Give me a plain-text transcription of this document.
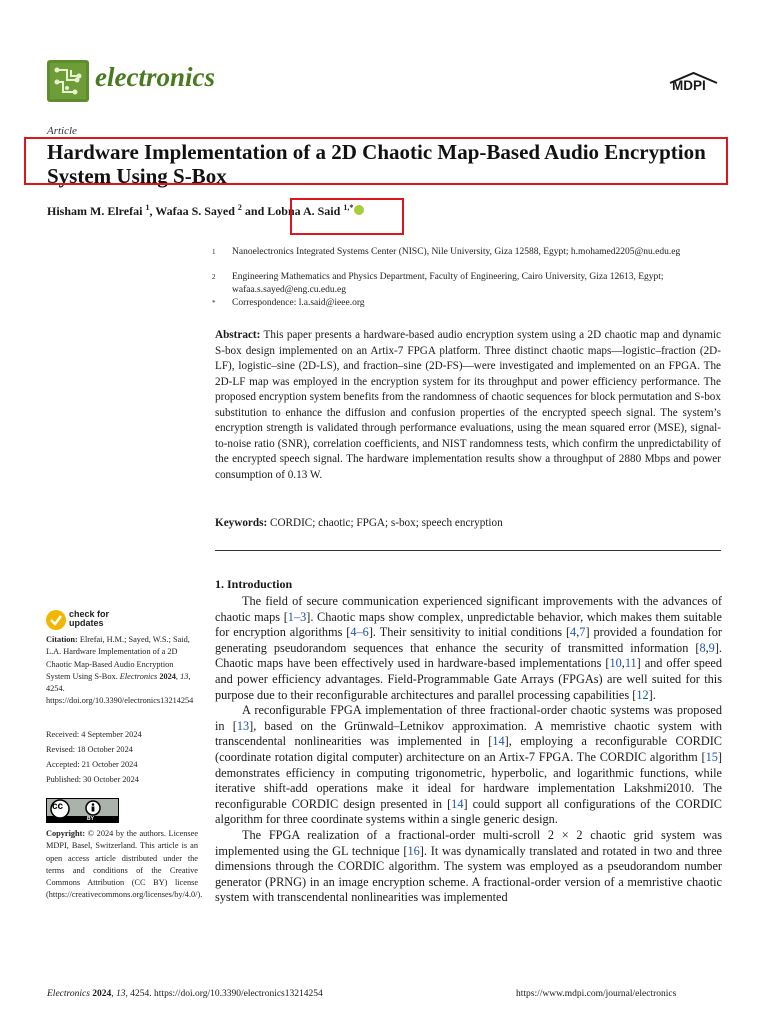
electronics	MDPI
Article
Hardware Implementation of a 2D Chaotic Map-Based Audio Encryption System Using S-Box
Hisham M. Elrefai $^1$, Wafaa S. Sayed $^2$ and Lobna A. Said $^{1,*}$
1 Nanoelectronics Integrated Systems Center (NISC), Nile University, Giza 12588, Egypt; h.mohamed2205@nu.edu.eg
2 Engineering Mathematics and Physics Department, Faculty of Engineering, Cairo University, Giza 12613, Egypt; wafaa.s.sayed@eng.cu.edu.eg
* Correspondence: l.a.said@ieee.org
Abstract: This paper presents a hardware-based audio encryption system using a 2D chaotic map and dynamic S-box design implemented on an Artix-7 FPGA platform. Three distinct chaotic maps—logistic–fraction (2D-LF), logistic–sine (2D-LS), and fraction–sine (2D-FS)—were investigated and implemented on an FPGA. The 2D-LF map was employed in the encryption system for its throughput and power efficiency performance. The proposed encryption system benefits from the randomness of chaotic sequences for block permutation and S-box substitution to enhance the diffusion and confusion properties of the encrypted speech signal. The system’s encryption strength is validated through performance evaluations, using the mean squared error (MSE), signal-to-noise ratio (SNR), correlation coefficients, and NIST randomness tests, which confirm the unpredictability of the encrypted speech signal. The hardware implementation results show a throughput of 2880 Mbps and power consumption of 0.13 W.
Keywords: CORDIC; chaotic; FPGA; s-box; speech encryption
1. Introduction

The field of secure communication experienced significant improvements with the advances of chaotic maps [1–3]. Chaotic maps show complex, unpredictable behavior, which makes them suitable for encryption algorithms [4–6]. Their sensitivity to initial conditions [4,7] provided a foundation for generating pseudorandom sequences that enhance the security of transmitted information [8,9]. Chaotic maps have been effectively used in hardware-based implementations [10,11] and offer speed and power efficiency advantages. Field-Programmable Gate Arrays (FPGAs) are well suited for this purpose due to their reconfigurable architectures and parallel processing capabilities [12].

A reconfigurable FPGA implementation of three fractional-order chaotic systems was proposed in [13], based on the Grünwald–Letnikov approximation. A memristive chaotic system with transcendental nonlinearities was implemented in [14], employing a reconfigurable CORDIC (coordinate rotation digital computer) architecture on an Artix-7 FPGA. The CORDIC algorithm [15] demonstrates efficiency in computing trigonometric, hyperbolic, and logarithmic functions, while iterative shift-add operations make it ideal for hardware implementation Lakshmi2010. The reconfigurable CORDIC design presented in [14] could support all configurations of the CORDIC algorithm for three coordinate systems within a single generic design.

The FPGA realization of a fractional-order multi-scroll 2 × 2 chaotic grid system was implemented using the GL technique [16]. It was dynamically translated and rotated in two and three dimensions through the CORDIC algorithm. The system was employed as a pseudorandom number generator (PRNG) in an image encryption scheme. A fractional-order version of a memristive chaotic system with transcendental nonlinearities was implemented

check for
updates
Citation: Elrefai, H.M.; Sayed, W.S.; Said, L.A. Hardware Implementation of a 2D Chaotic Map-Based Audio Encryption System Using S-Box. Electronics 2024, 13, 4254. https://doi.org/10.3390/electronics13214254
Received: 4 September 2024
Revised: 18 October 2024
Accepted: 21 October 2024
Published: 30 October 2024
cc
BY
Copyright: © 2024 by the authors. Licensee MDPI, Basel, Switzerland. This article is an open access article distributed under the terms and conditions of the Creative Commons Attribution (CC BY) license (https://creativecommons.org/licenses/by/4.0/).
Electronics 2024, 13, 4254. https://doi.org/10.3390/electronics13214254	https://www.mdpi.com/journal/electronics
